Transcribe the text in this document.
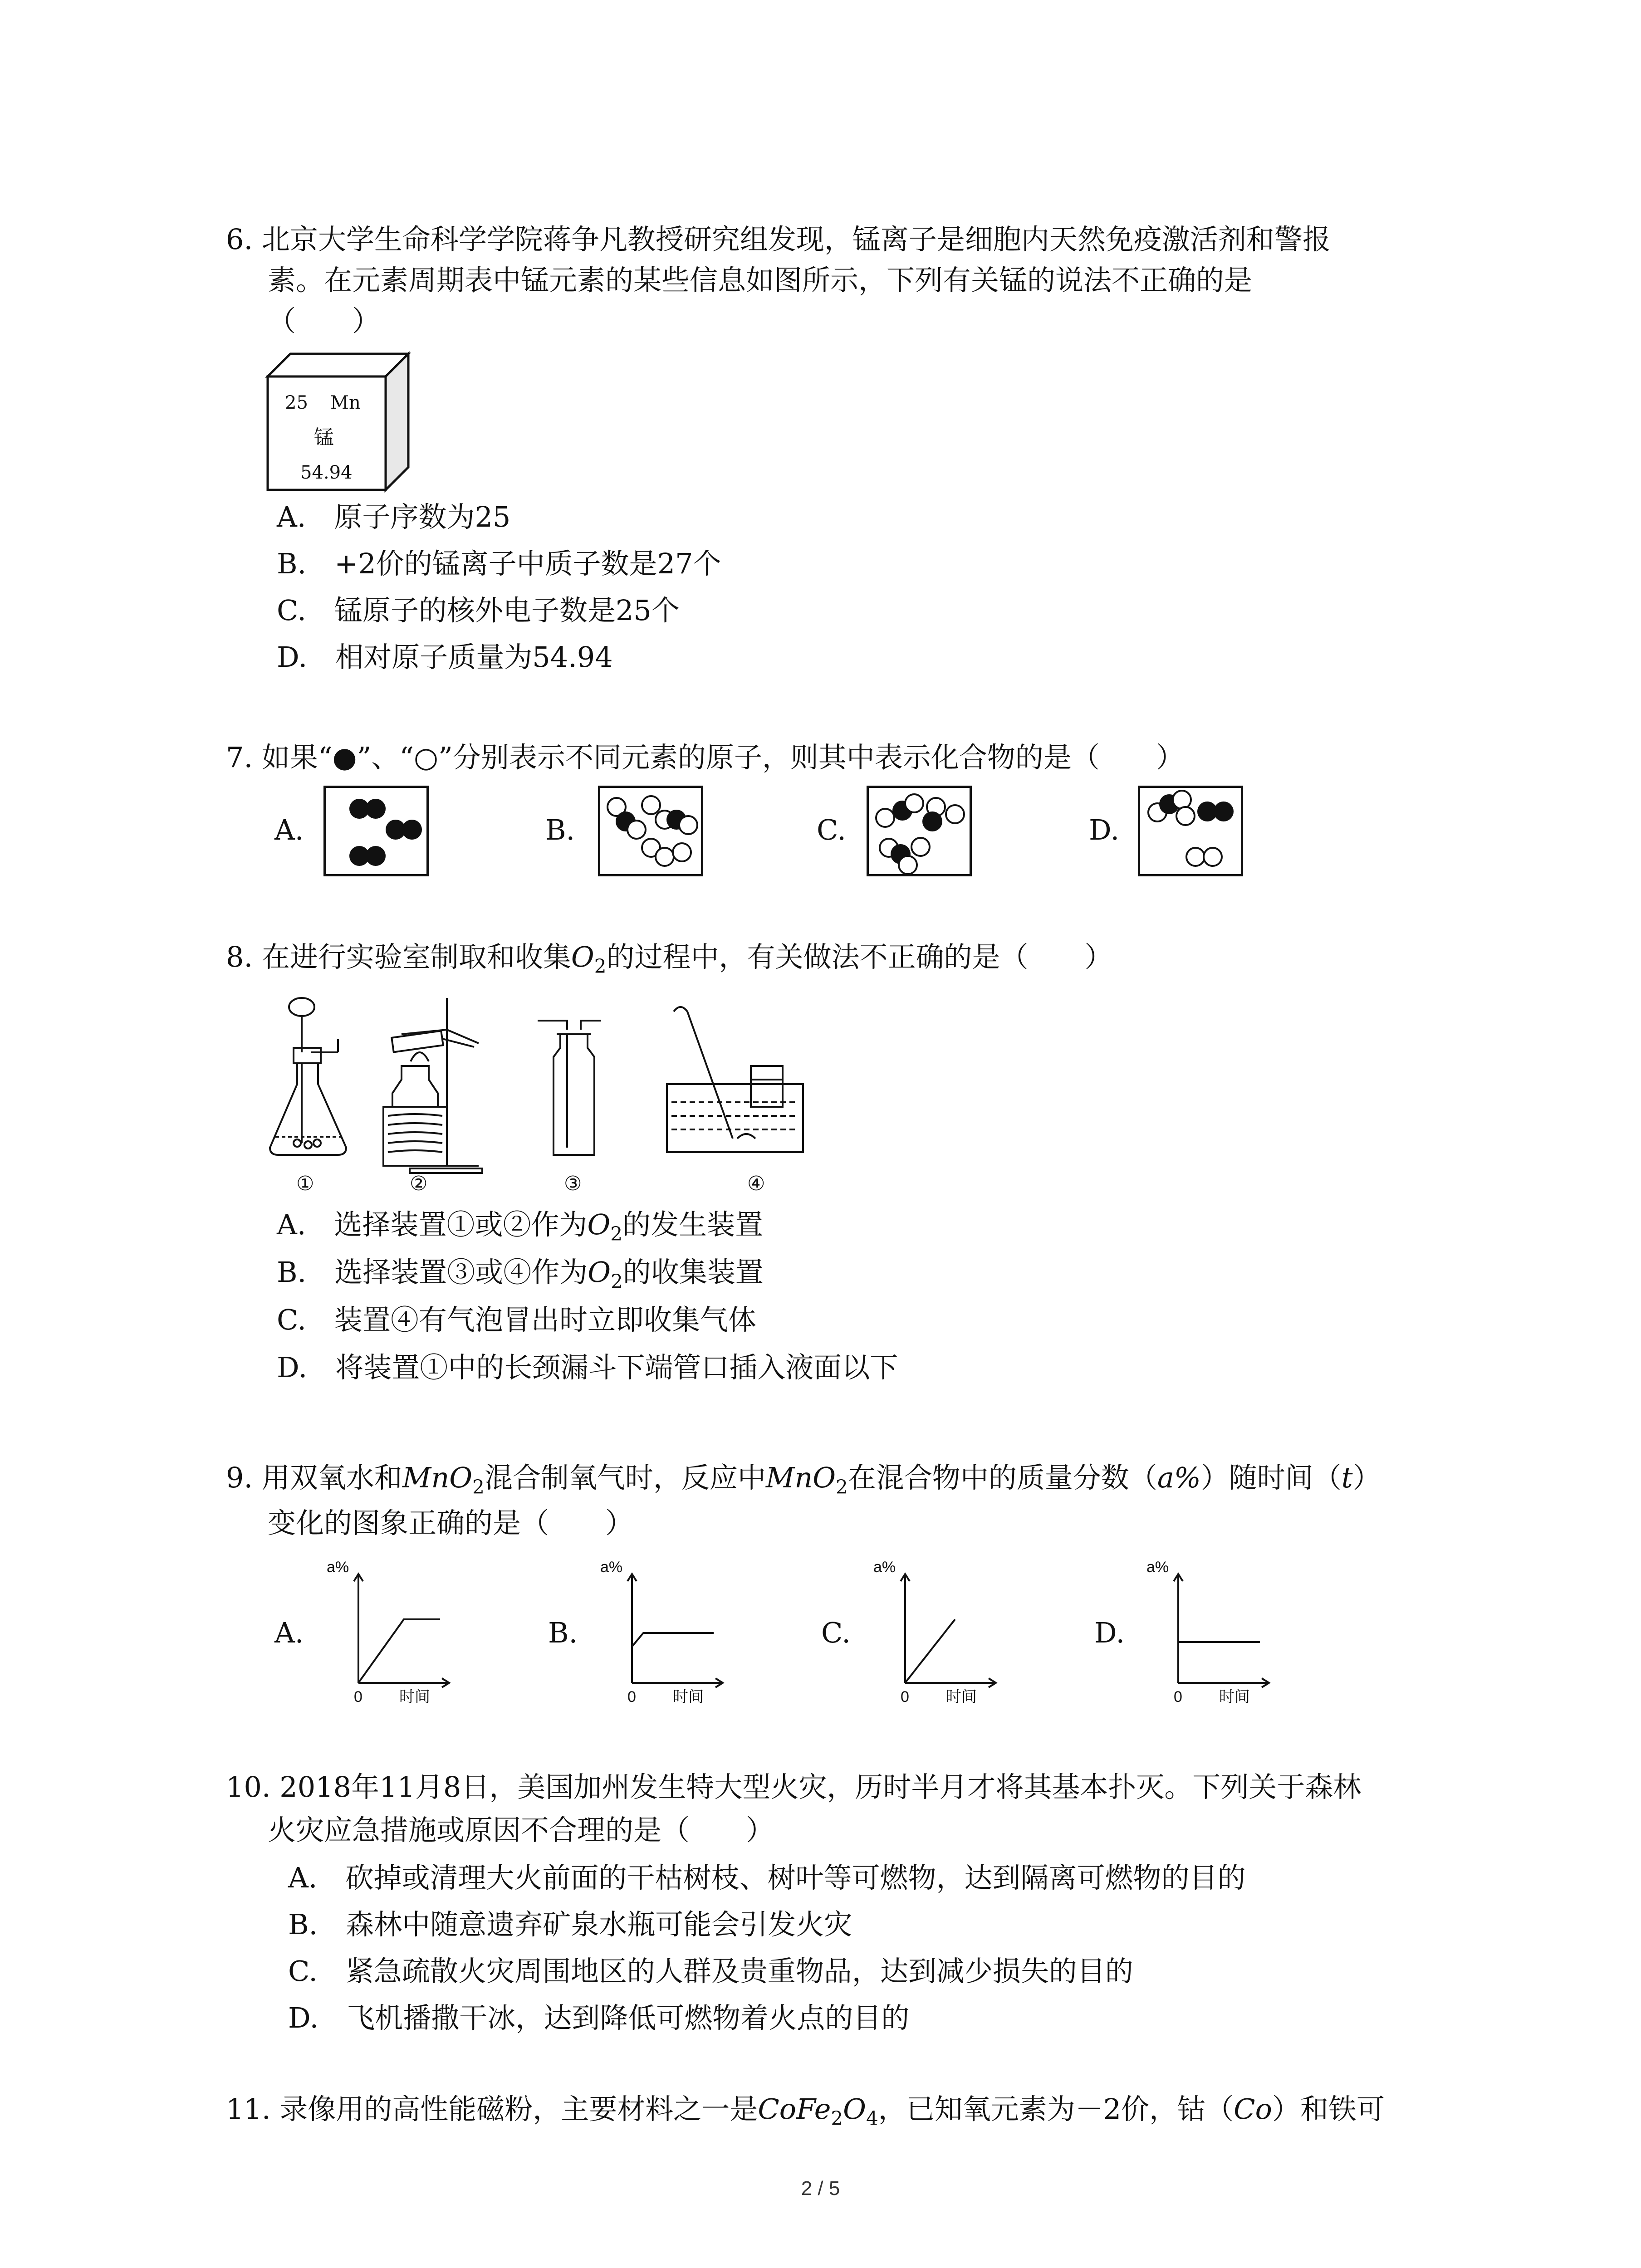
6. 北京大学生命科学学院蒋争凡教授研究组发现，锰离子是细胞内天然免疫激活剂和警报
素。在元素周期表中锰元素的某些信息如图所示，下列有关锰的说法不正确的是
（　　）
25 Mn
锰
54.94
A.　原子序数为25
B.　+2价的锰离子中质子数是27个
C.　锰原子的核外电子数是25个
D.　相对原子质量为54.94
7. 如果“●”、“○”分别表示不同元素的原子，则其中表示化合物的是（　　）
A.	B.	C.	D.
8. 在进行实验室制取和收集$O_2$的过程中，有关做法不正确的是（　　）
①	②	③	④
A.　选择装置①或②作为$O_2$的发生装置
B.　选择装置③或④作为$O_2$的收集装置
C.　装置④有气泡冒出时立即收集气体
D.　将装置①中的长颈漏斗下端管口插入液面以下
9. 用双氧水和MnO$_2$混合制氧气时，反应中MnO$_2$在混合物中的质量分数（a%）随时间（t）
变化的图象正确的是（　　）
A.	B.	C.	D.
a%
0 时间
a%
0 时间
a%
0 时间
a%
0 时间
10. 2018年11月8日，美国加州发生特大型火灾，历时半月才将其基本扑灭。下列关于森林
火灾应急措施或原因不合理的是（　　）
A.　砍掉或清理大火前面的干枯树枝、树叶等可燃物，达到隔离可燃物的目的
B.　森林中随意遗弃矿泉水瓶可能会引发火灾
C.　紧急疏散火灾周围地区的人群及贵重物品，达到减少损失的目的
D.　飞机播撒干冰，达到降低可燃物着火点的目的
11. 录像用的高性能磁粉，主要材料之一是$CoFe_2O_4$，已知氧元素为－2价，钴（Co）和铁可
2 / 5
